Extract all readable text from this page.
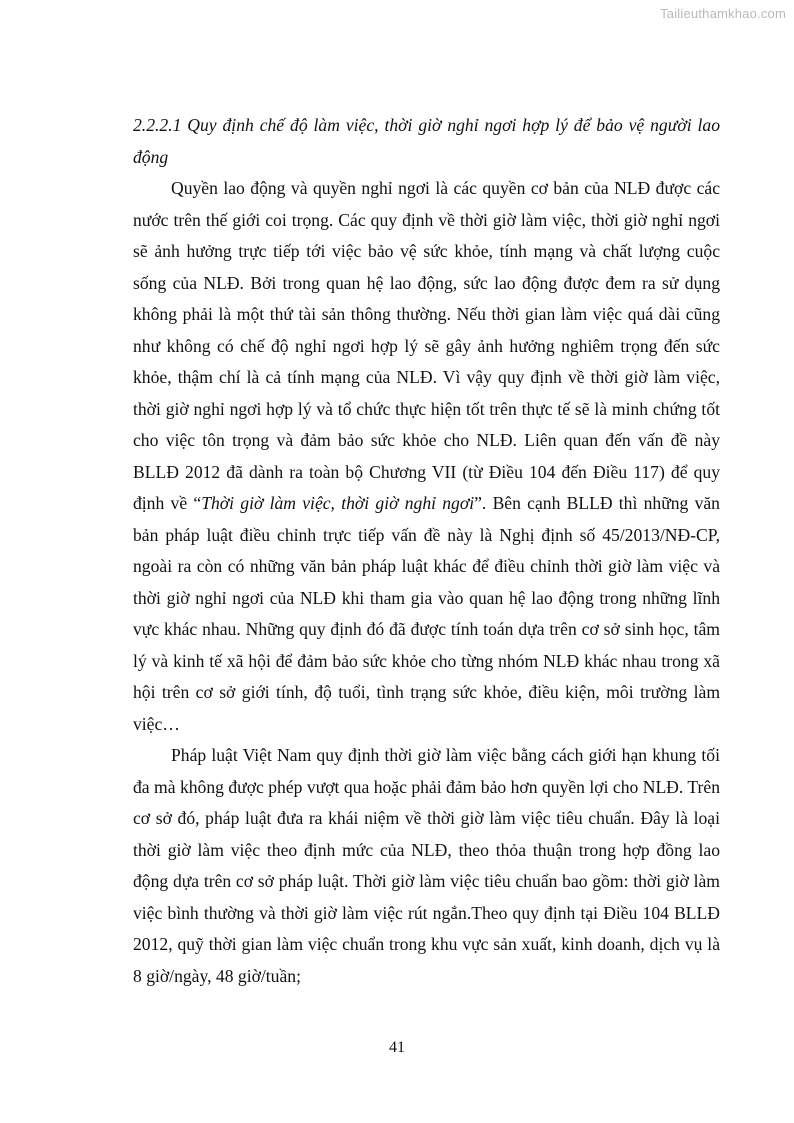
Tailieuthamkhao.com
2.2.2.1 Quy định chế độ làm việc, thời giờ nghỉ ngơi hợp lý để bảo vệ người lao động

Quyền lao động và quyền nghỉ ngơi là các quyền cơ bản của NLĐ được các nước trên thế giới coi trọng. Các quy định về thời giờ làm việc, thời giờ nghỉ ngơi sẽ ảnh hưởng trực tiếp tới việc bảo vệ sức khỏe, tính mạng và chất lượng cuộc sống của NLĐ. Bởi trong quan hệ lao động, sức lao động được đem ra sử dụng không phải là một thứ tài sản thông thường. Nếu thời gian làm việc quá dài cũng như không có chế độ nghỉ ngơi hợp lý sẽ gây ảnh hưởng nghiêm trọng đến sức khỏe, thậm chí là cả tính mạng của NLĐ. Vì vậy quy định về thời giờ làm việc, thời giờ nghỉ ngơi hợp lý và tổ chức thực hiện tốt trên thực tế sẽ là minh chứng tốt cho việc tôn trọng và đảm bảo sức khỏe cho NLĐ. Liên quan đến vấn đề này BLLĐ 2012 đã dành ra toàn bộ Chương VII (từ Điều 104 đến Điều 117) để quy định về “Thời giờ làm việc, thời giờ nghỉ ngơi”. Bên cạnh BLLĐ thì những văn bản pháp luật điều chỉnh trực tiếp vấn đề này là Nghị định số 45/2013/NĐ-CP, ngoài ra còn có những văn bản pháp luật khác để điều chỉnh thời giờ làm việc và thời giờ nghỉ ngơi của NLĐ khi tham gia vào quan hệ lao động trong những lĩnh vực khác nhau. Những quy định đó đã được tính toán dựa trên cơ sở sinh học, tâm lý và kinh tế xã hội để đảm bảo sức khỏe cho từng nhóm NLĐ khác nhau trong xã hội trên cơ sở giới tính, độ tuổi, tình trạng sức khỏe, điều kiện, môi trường làm việc…

Pháp luật Việt Nam quy định thời giờ làm việc bằng cách giới hạn khung tối đa mà không được phép vượt qua hoặc phải đảm bảo hơn quyền lợi cho NLĐ. Trên cơ sở đó, pháp luật đưa ra khái niệm về thời giờ làm việc tiêu chuẩn. Đây là loại thời giờ làm việc theo định mức của NLĐ, theo thỏa thuận trong hợp đồng lao động dựa trên cơ sở pháp luật. Thời giờ làm việc tiêu chuẩn bao gồm: thời giờ làm việc bình thường và thời giờ làm việc rút ngắn.Theo quy định tại Điều 104 BLLĐ 2012, quỹ thời gian làm việc chuẩn trong khu vực sản xuất, kinh doanh, dịch vụ là 8 giờ/ngày, 48 giờ/tuần;

41
